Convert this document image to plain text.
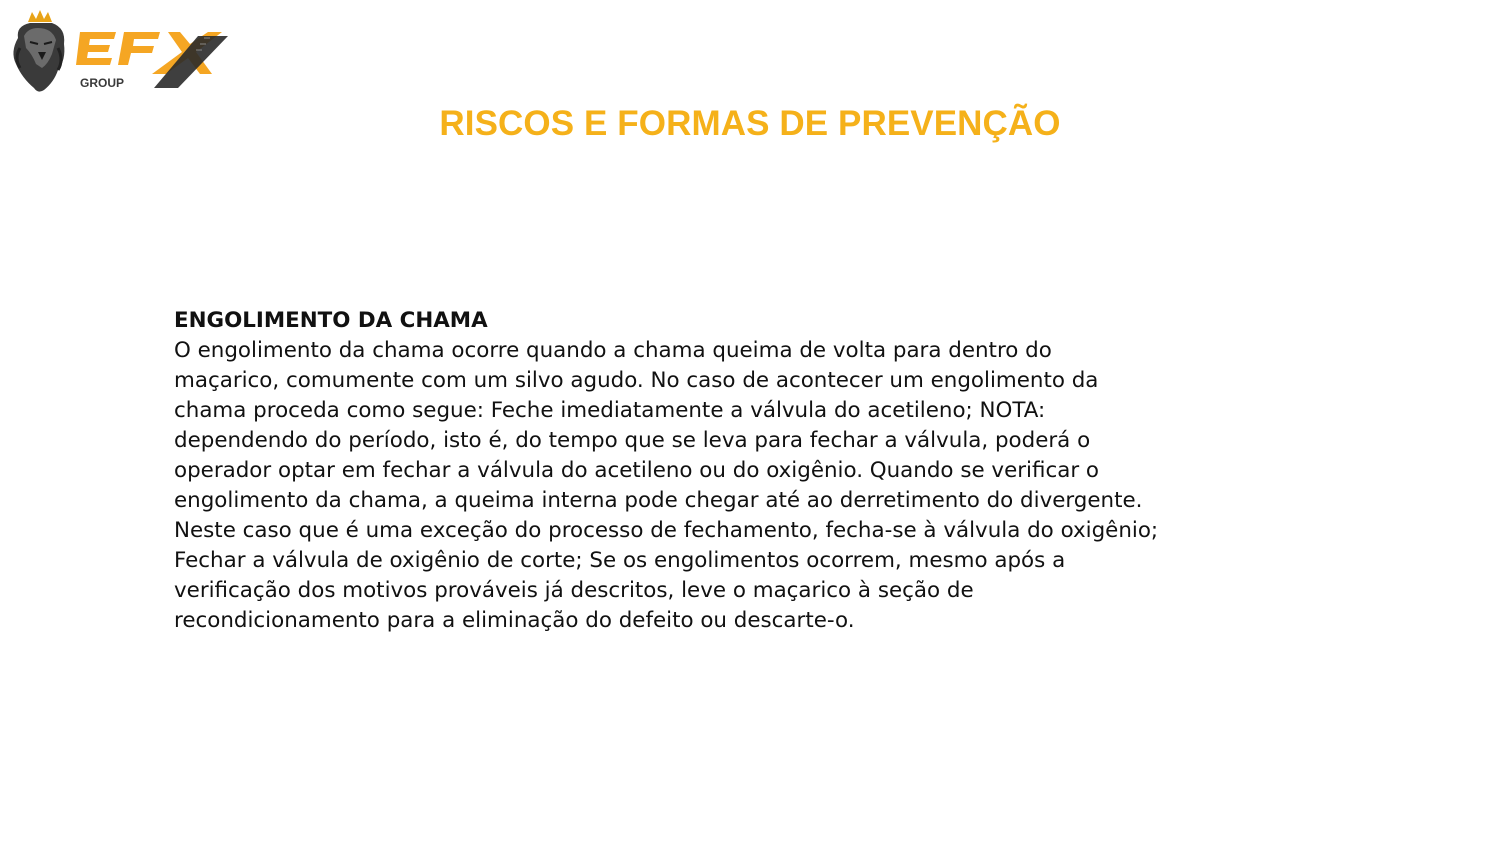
GROUP
RISCOS E FORMAS DE PREVENÇÃO
ENGOLIMENTO DA CHAMA
O engolimento da chama ocorre quando a chama queima de volta para dentro do
maçarico, comumente com um silvo agudo. No caso de acontecer um engolimento da
chama proceda como segue: Feche imediatamente a válvula do acetileno; NOTA:
dependendo do período, isto é, do tempo que se leva para fechar a válvula, poderá o
operador optar em fechar a válvula do acetileno ou do oxigênio. Quando se verificar o
engolimento da chama, a queima interna pode chegar até ao derretimento do divergente.
Neste caso que é uma exceção do processo de fechamento, fecha-se à válvula do oxigênio;
Fechar a válvula de oxigênio de corte; Se os engolimentos ocorrem, mesmo após a
verificação dos motivos prováveis já descritos, leve o maçarico à seção de
recondicionamento para a eliminação do defeito ou descarte-o.
